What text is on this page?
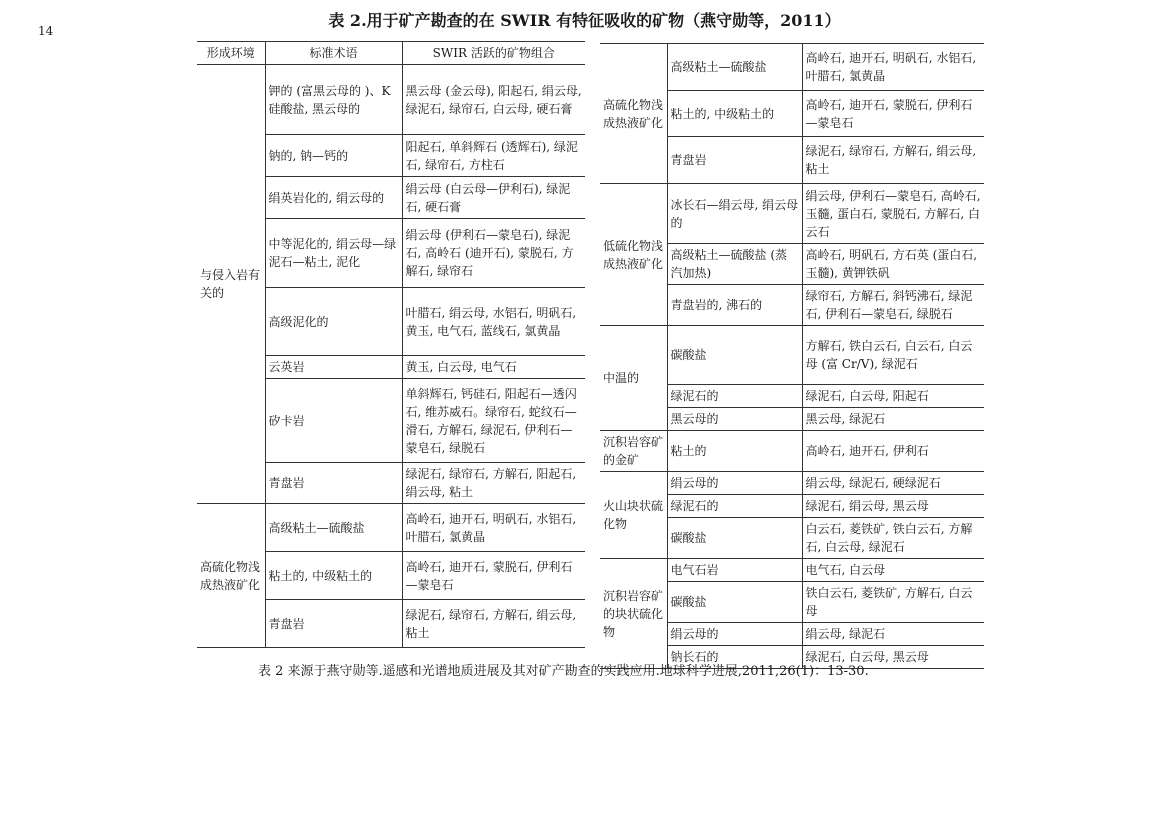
14
表 2.用于矿产勘查的在 SWIR 有特征吸收的矿物（燕守勋等，2011）
形成环境	标准术语	SWIR 活跃的矿物组合
与侵入岩有关的	钾的 (富黑云母的 )、K 硅酸盐, 黑云母的	黑云母 (金云母), 阳起石, 绢云母, 绿泥石, 绿帘石, 白云母, 硬石膏
	钠的, 钠—钙的	阳起石, 单斜辉石 (透辉石), 绿泥石, 绿帘石, 方柱石
	绢英岩化的, 绢云母的	绢云母 (白云母—伊利石), 绿泥石, 硬石膏
	中等泥化的, 绢云母—绿泥石—粘土, 泥化	绢云母 (伊利石—蒙皂石), 绿泥石, 高岭石 (迪开石), 蒙脱石, 方解石, 绿帘石
	高级泥化的	叶腊石, 绢云母, 水铝石, 明矾石, 黄玉, 电气石, 蓝线石, 氯黄晶
	云英岩	黄玉, 白云母, 电气石
	矽卡岩	单斜辉石, 钙硅石, 阳起石—透闪石, 维苏威石。绿帘石, 蛇纹石—滑石, 方解石, 绿泥石, 伊利石—蒙皂石, 绿脱石
	青盘岩	绿泥石, 绿帘石, 方解石, 阳起石, 绢云母, 粘土
高硫化物浅成热液矿化	高级粘土—硫酸盐	高岭石, 迪开石, 明矾石, 水铝石, 叶腊石, 氯黄晶
	粘土的, 中级粘土的	高岭石, 迪开石, 蒙脱石, 伊利石—蒙皂石
	青盘岩	绿泥石, 绿帘石, 方解石, 绢云母, 粘土
高硫化物浅成热液矿化	高级粘土—硫酸盐	高岭石, 迪开石, 明矾石, 水铝石, 叶腊石, 氯黄晶
	粘土的, 中级粘土的	高岭石, 迪开石, 蒙脱石, 伊利石—蒙皂石
	青盘岩	绿泥石, 绿帘石, 方解石, 绢云母, 粘土
低硫化物浅成热液矿化	冰长石—绢云母, 绢云母的	绢云母, 伊利石—蒙皂石, 高岭石, 玉髓, 蛋白石, 蒙脱石, 方解石, 白云石
	高级粘土—硫酸盐 (蒸汽加热)	高岭石, 明矾石, 方石英 (蛋白石, 玉髓), 黄钾铁矾
	青盘岩的, 沸石的	绿帘石, 方解石, 斜钙沸石, 绿泥石, 伊利石—蒙皂石, 绿脱石
中温的	碳酸盐	方解石, 铁白云石, 白云石, 白云母 (富 Cr/V), 绿泥石
	绿泥石的	绿泥石, 白云母, 阳起石
	黑云母的	黑云母, 绿泥石
沉积岩容矿的金矿	粘土的	高岭石, 迪开石, 伊利石
火山块状硫化物	绢云母的	绢云母, 绿泥石, 硬绿泥石
	绿泥石的	绿泥石, 绢云母, 黑云母
	碳酸盐	白云石, 菱铁矿, 铁白云石, 方解石, 白云母, 绿泥石
沉积岩容矿的块状硫化物	电气石岩	电气石, 白云母
	碳酸盐	铁白云石, 菱铁矿, 方解石, 白云母
	绢云母的	绢云母, 绿泥石
	钠长石的	绿泥石, 白云母, 黑云母
表 2 来源于燕守勋等.遥感和光谱地质进展及其对矿产勘查的实践应用.地球科学进展,2011,26(1)：13-30.
